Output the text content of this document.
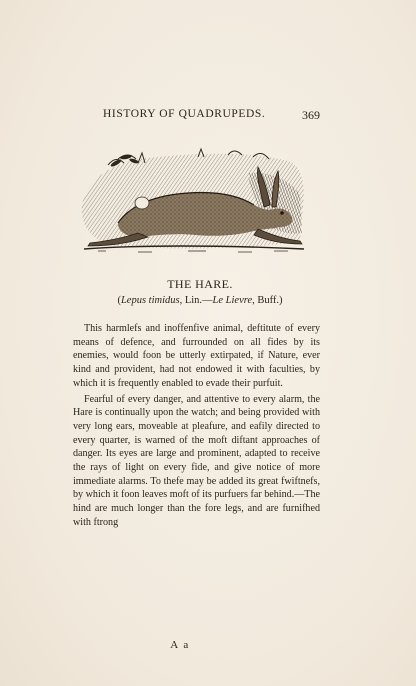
HISTORY OF QUADRUPEDS.	369
THE HARE.
(Lepus timidus, Lin.—Le Lievre, Buff.)

This harmlefs and inoffenfive animal, deftitute of every means of defence, and furrounded on all fides by its enemies, would foon be utterly extirpated, if Nature, ever kind and provident, had not endowed it with faculties, by which it is frequently enabled to evade their purfuit.

Fearful of every danger, and attentive to every alarm, the Hare is continually upon the watch; and being provided with very long ears, moveable at pleafure, and eafily directed to every quarter, is warned of the moft diftant approaches of danger. Its eyes are large and prominent, adapted to receive the rays of light on every fide, and give notice of more immediate alarms. To thefe may be added its great fwiftnefs, by which it foon leaves moft of its purfuers far behind.—The hind are much longer than the fore legs, and are furnifhed with ftrong

A a
